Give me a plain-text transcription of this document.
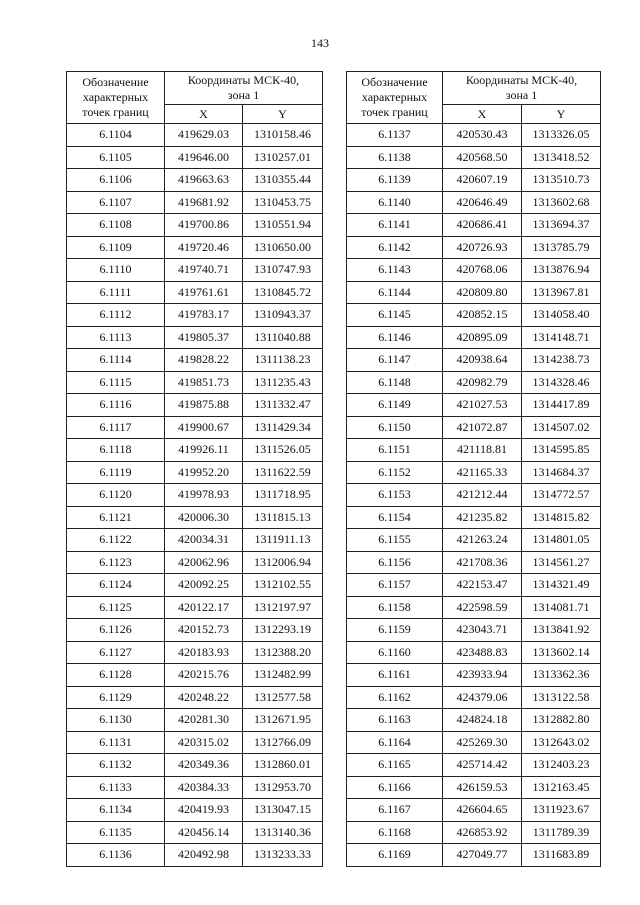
143
Обозначение
характерных
точек границ	Координаты МСК-40,
зона 1	
	X	Y
6.1104	419629.03	1310158.46
6.1105	419646.00	1310257.01
6.1106	419663.63	1310355.44
6.1107	419681.92	1310453.75
6.1108	419700.86	1310551.94
6.1109	419720.46	1310650.00
6.1110	419740.71	1310747.93
6.1111	419761.61	1310845.72
6.1112	419783.17	1310943.37
6.1113	419805.37	1311040.88
6.1114	419828.22	1311138.23
6.1115	419851.73	1311235.43
6.1116	419875.88	1311332.47
6.1117	419900.67	1311429.34
6.1118	419926.11	1311526.05
6.1119	419952.20	1311622.59
6.1120	419978.93	1311718.95
6.1121	420006.30	1311815.13
6.1122	420034.31	1311911.13
6.1123	420062.96	1312006.94
6.1124	420092.25	1312102.55
6.1125	420122.17	1312197.97
6.1126	420152.73	1312293.19
6.1127	420183.93	1312388.20
6.1128	420215.76	1312482.99
6.1129	420248.22	1312577.58
6.1130	420281.30	1312671.95
6.1131	420315.02	1312766.09
6.1132	420349.36	1312860.01
6.1133	420384.33	1312953.70
6.1134	420419.93	1313047.15
6.1135	420456.14	1313140.36
6.1136	420492.98	1313233.33
Обозначение
характерных
точек границ	Координаты МСК-40,
зона 1	
	X	Y
6.1137	420530.43	1313326.05
6.1138	420568.50	1313418.52
6.1139	420607.19	1313510.73
6.1140	420646.49	1313602.68
6.1141	420686.41	1313694.37
6.1142	420726.93	1313785.79
6.1143	420768.06	1313876.94
6.1144	420809.80	1313967.81
6.1145	420852.15	1314058.40
6.1146	420895.09	1314148.71
6.1147	420938.64	1314238.73
6.1148	420982.79	1314328.46
6.1149	421027.53	1314417.89
6.1150	421072.87	1314507.02
6.1151	421118.81	1314595.85
6.1152	421165.33	1314684.37
6.1153	421212.44	1314772.57
6.1154	421235.82	1314815.82
6.1155	421263.24	1314801.05
6.1156	421708.36	1314561.27
6.1157	422153.47	1314321.49
6.1158	422598.59	1314081.71
6.1159	423043.71	1313841.92
6.1160	423488.83	1313602.14
6.1161	423933.94	1313362.36
6.1162	424379.06	1313122.58
6.1163	424824.18	1312882.80
6.1164	425269.30	1312643.02
6.1165	425714.42	1312403.23
6.1166	426159.53	1312163.45
6.1167	426604.65	1311923.67
6.1168	426853.92	1311789.39
6.1169	427049.77	1311683.89
